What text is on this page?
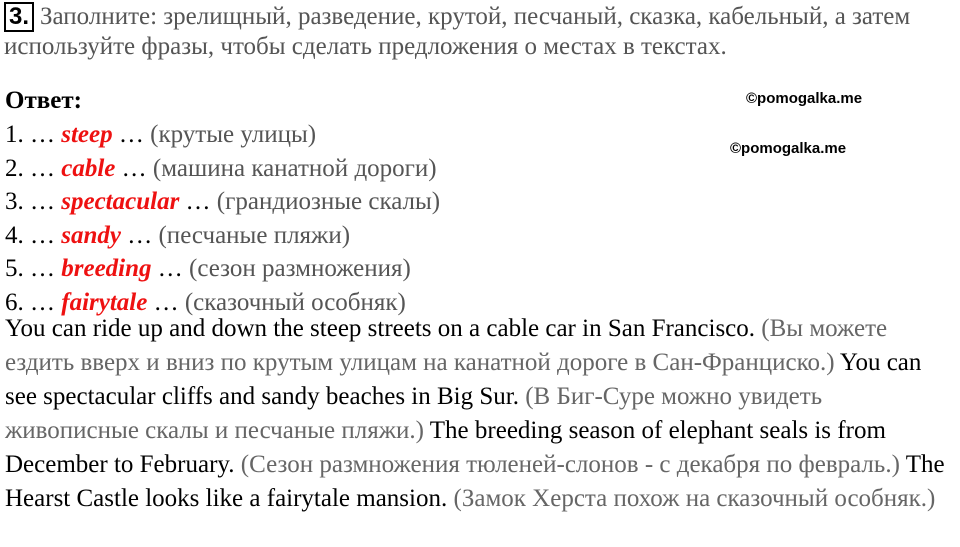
3. Заполните: зрелищный, разведение, крутой, песчаный, сказка, кабельный, а затем используйте фразы, чтобы сделать предложения о местах в текстах.
Ответ:	©pomogalka.me
©pomogalka.me
1. … steep … (крутые улицы)
2. … cable … (машина канатной дороги)
3. … spectacular … (грандиозные скалы)
4. … sandy … (песчаные пляжи)
5. … breeding … (сезон размножения)
6. … fairytale … (сказочный особняк)

You can ride up and down the steep streets on a cable car in San Francisco. (Вы можете ездить вверх и вниз по крутым улицам на канатной дороге в Сан-Франциско.) You can see spectacular cliffs and sandy beaches in Big Sur. (В Биг-Суре можно увидеть живописные скалы и песчаные пляжи.) The breeding season of elephant seals is from December to February. (Сезон размножения тюленей-слонов - с декабря по февраль.) The Hearst Castle looks like a fairytale mansion. (Замок Херста похож на сказочный особняк.)
